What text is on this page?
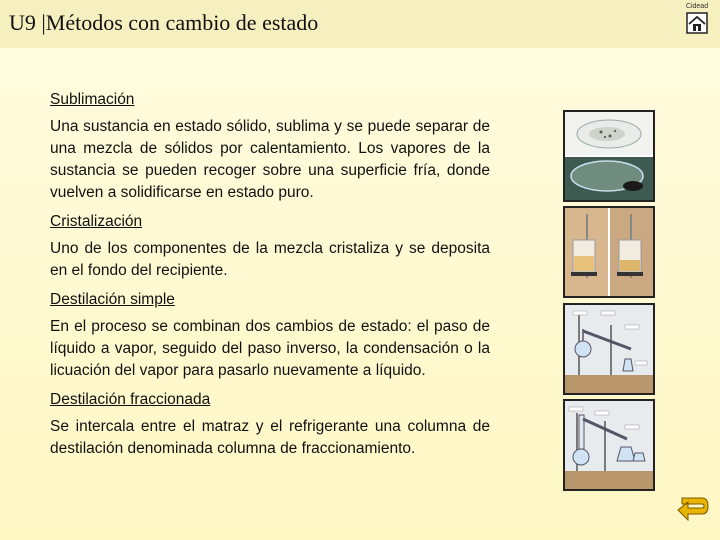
U9 |Métodos con cambio de estado
Cidead
Sublimación
Una sustancia en estado sólido, sublima y se puede separar de una mezcla de sólidos por calentamiento. Los vapores de la sustancia se pueden recoger sobre una superficie fría, donde vuelven a solidificarse en estado puro.
Cristalización
Uno de los componentes de la mezcla cristaliza y se deposita en el fondo del recipiente.
Destilación simple
En el proceso se combinan dos cambios de estado: el paso de líquido a vapor, seguido del paso inverso, la condensación o la licuación del vapor para pasarlo nuevamente a líquido.
Destilación fraccionada
Se intercala entre el matraz y el refrigerante una columna de destilación denominada columna de fraccionamiento.
